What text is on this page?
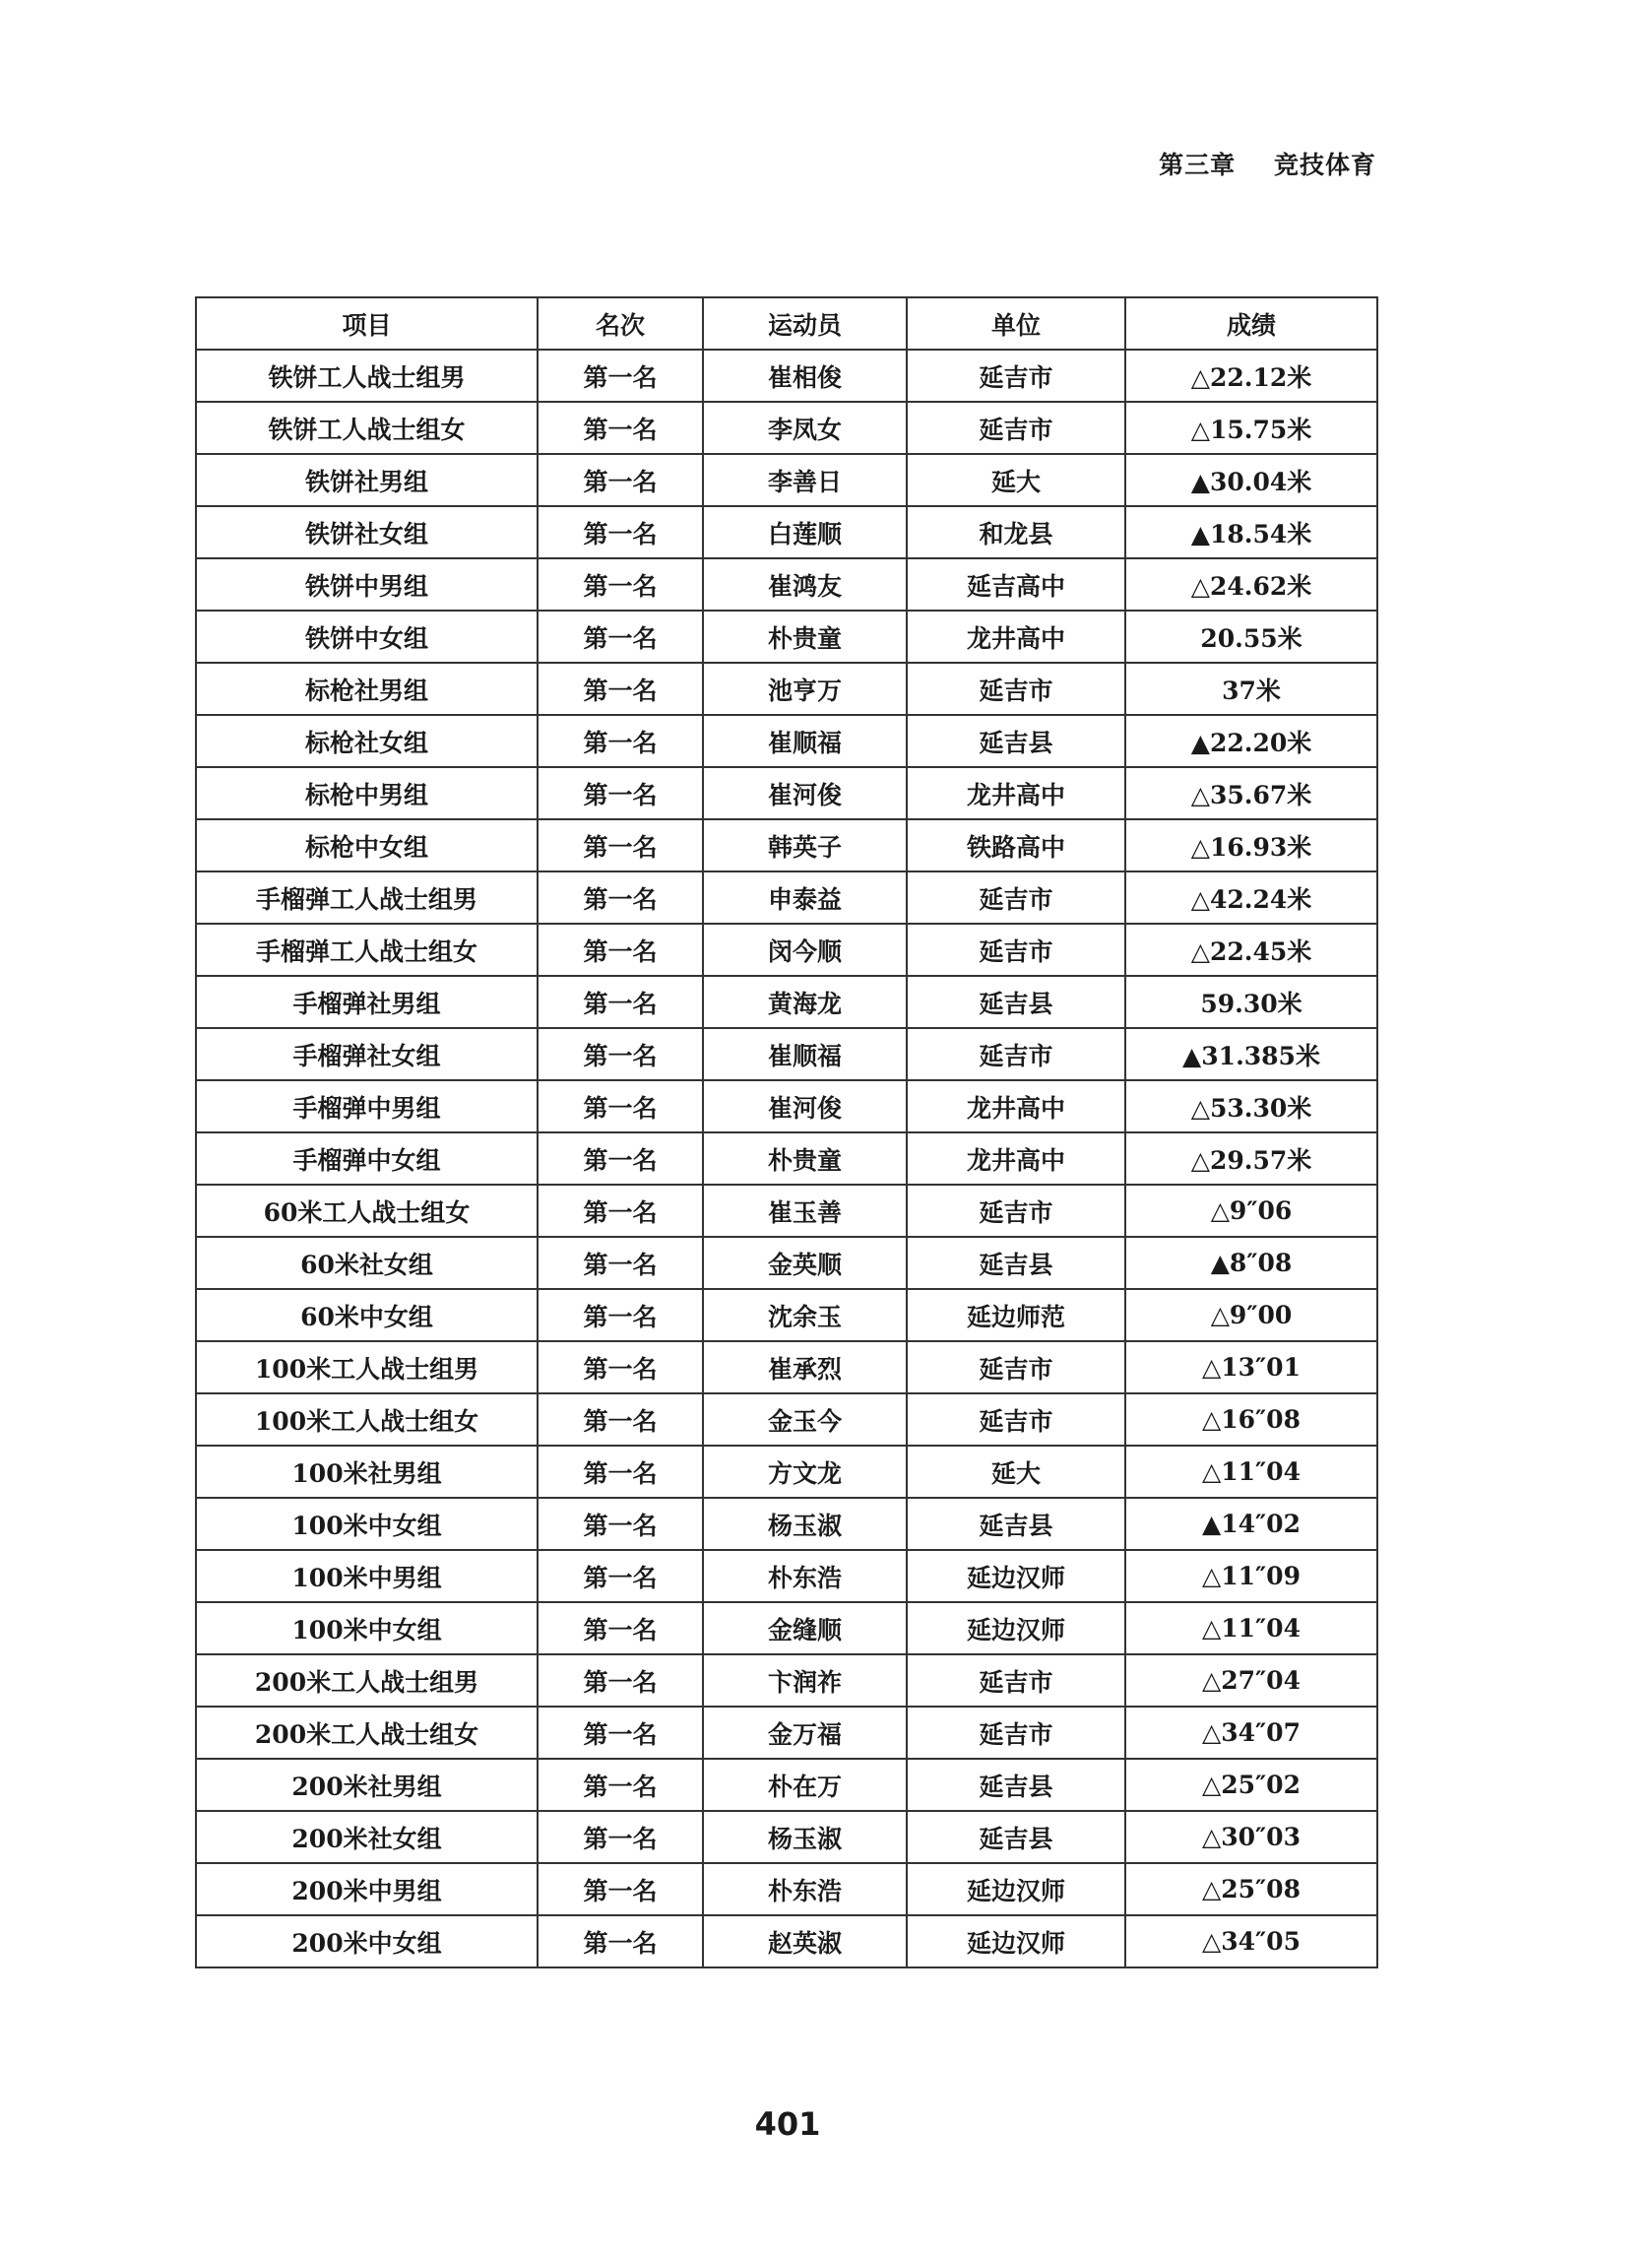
第三章 竞技体育
项目	名次	运动员	单位	成绩
铁饼工人战士组男	第一名	崔相俊	延吉市	△22.12米
铁饼工人战士组女	第一名	李凤女	延吉市	△15.75米
铁饼社男组	第一名	李善日	延大	▲30.04米
铁饼社女组	第一名	白莲顺	和龙县	▲18.54米
铁饼中男组	第一名	崔鸿友	延吉高中	△24.62米
铁饼中女组	第一名	朴贵童	龙井高中	20.55米
标枪社男组	第一名	池亨万	延吉市	37米
标枪社女组	第一名	崔顺福	延吉县	▲22.20米
标枪中男组	第一名	崔河俊	龙井高中	△35.67米
标枪中女组	第一名	韩英子	铁路高中	△16.93米
手榴弹工人战士组男	第一名	申泰益	延吉市	△42.24米
手榴弹工人战士组女	第一名	闵今顺	延吉市	△22.45米
手榴弹社男组	第一名	黄海龙	延吉县	59.30米
手榴弹社女组	第一名	崔顺福	延吉市	▲31.385米
手榴弹中男组	第一名	崔河俊	龙井高中	△53.30米
手榴弹中女组	第一名	朴贵童	龙井高中	△29.57米
60米工人战士组女	第一名	崔玉善	延吉市	△9″06
60米社女组	第一名	金英顺	延吉县	▲8″08
60米中女组	第一名	沈余玉	延边师范	△9″00
100米工人战士组男	第一名	崔承烈	延吉市	△13″01
100米工人战士组女	第一名	金玉今	延吉市	△16″08
100米社男组	第一名	方文龙	延大	△11″04
100米中女组	第一名	杨玉淑	延吉县	▲14″02
100米中男组	第一名	朴东浩	延边汉师	△11″09
100米中女组	第一名	金缝顺	延边汉师	△11″04
200米工人战士组男	第一名	卞润祚	延吉市	△27″04
200米工人战士组女	第一名	金万福	延吉市	△34″07
200米社男组	第一名	朴在万	延吉县	△25″02
200米社女组	第一名	杨玉淑	延吉县	△30″03
200米中男组	第一名	朴东浩	延边汉师	△25″08
200米中女组	第一名	赵英淑	延边汉师	△34″05
401
